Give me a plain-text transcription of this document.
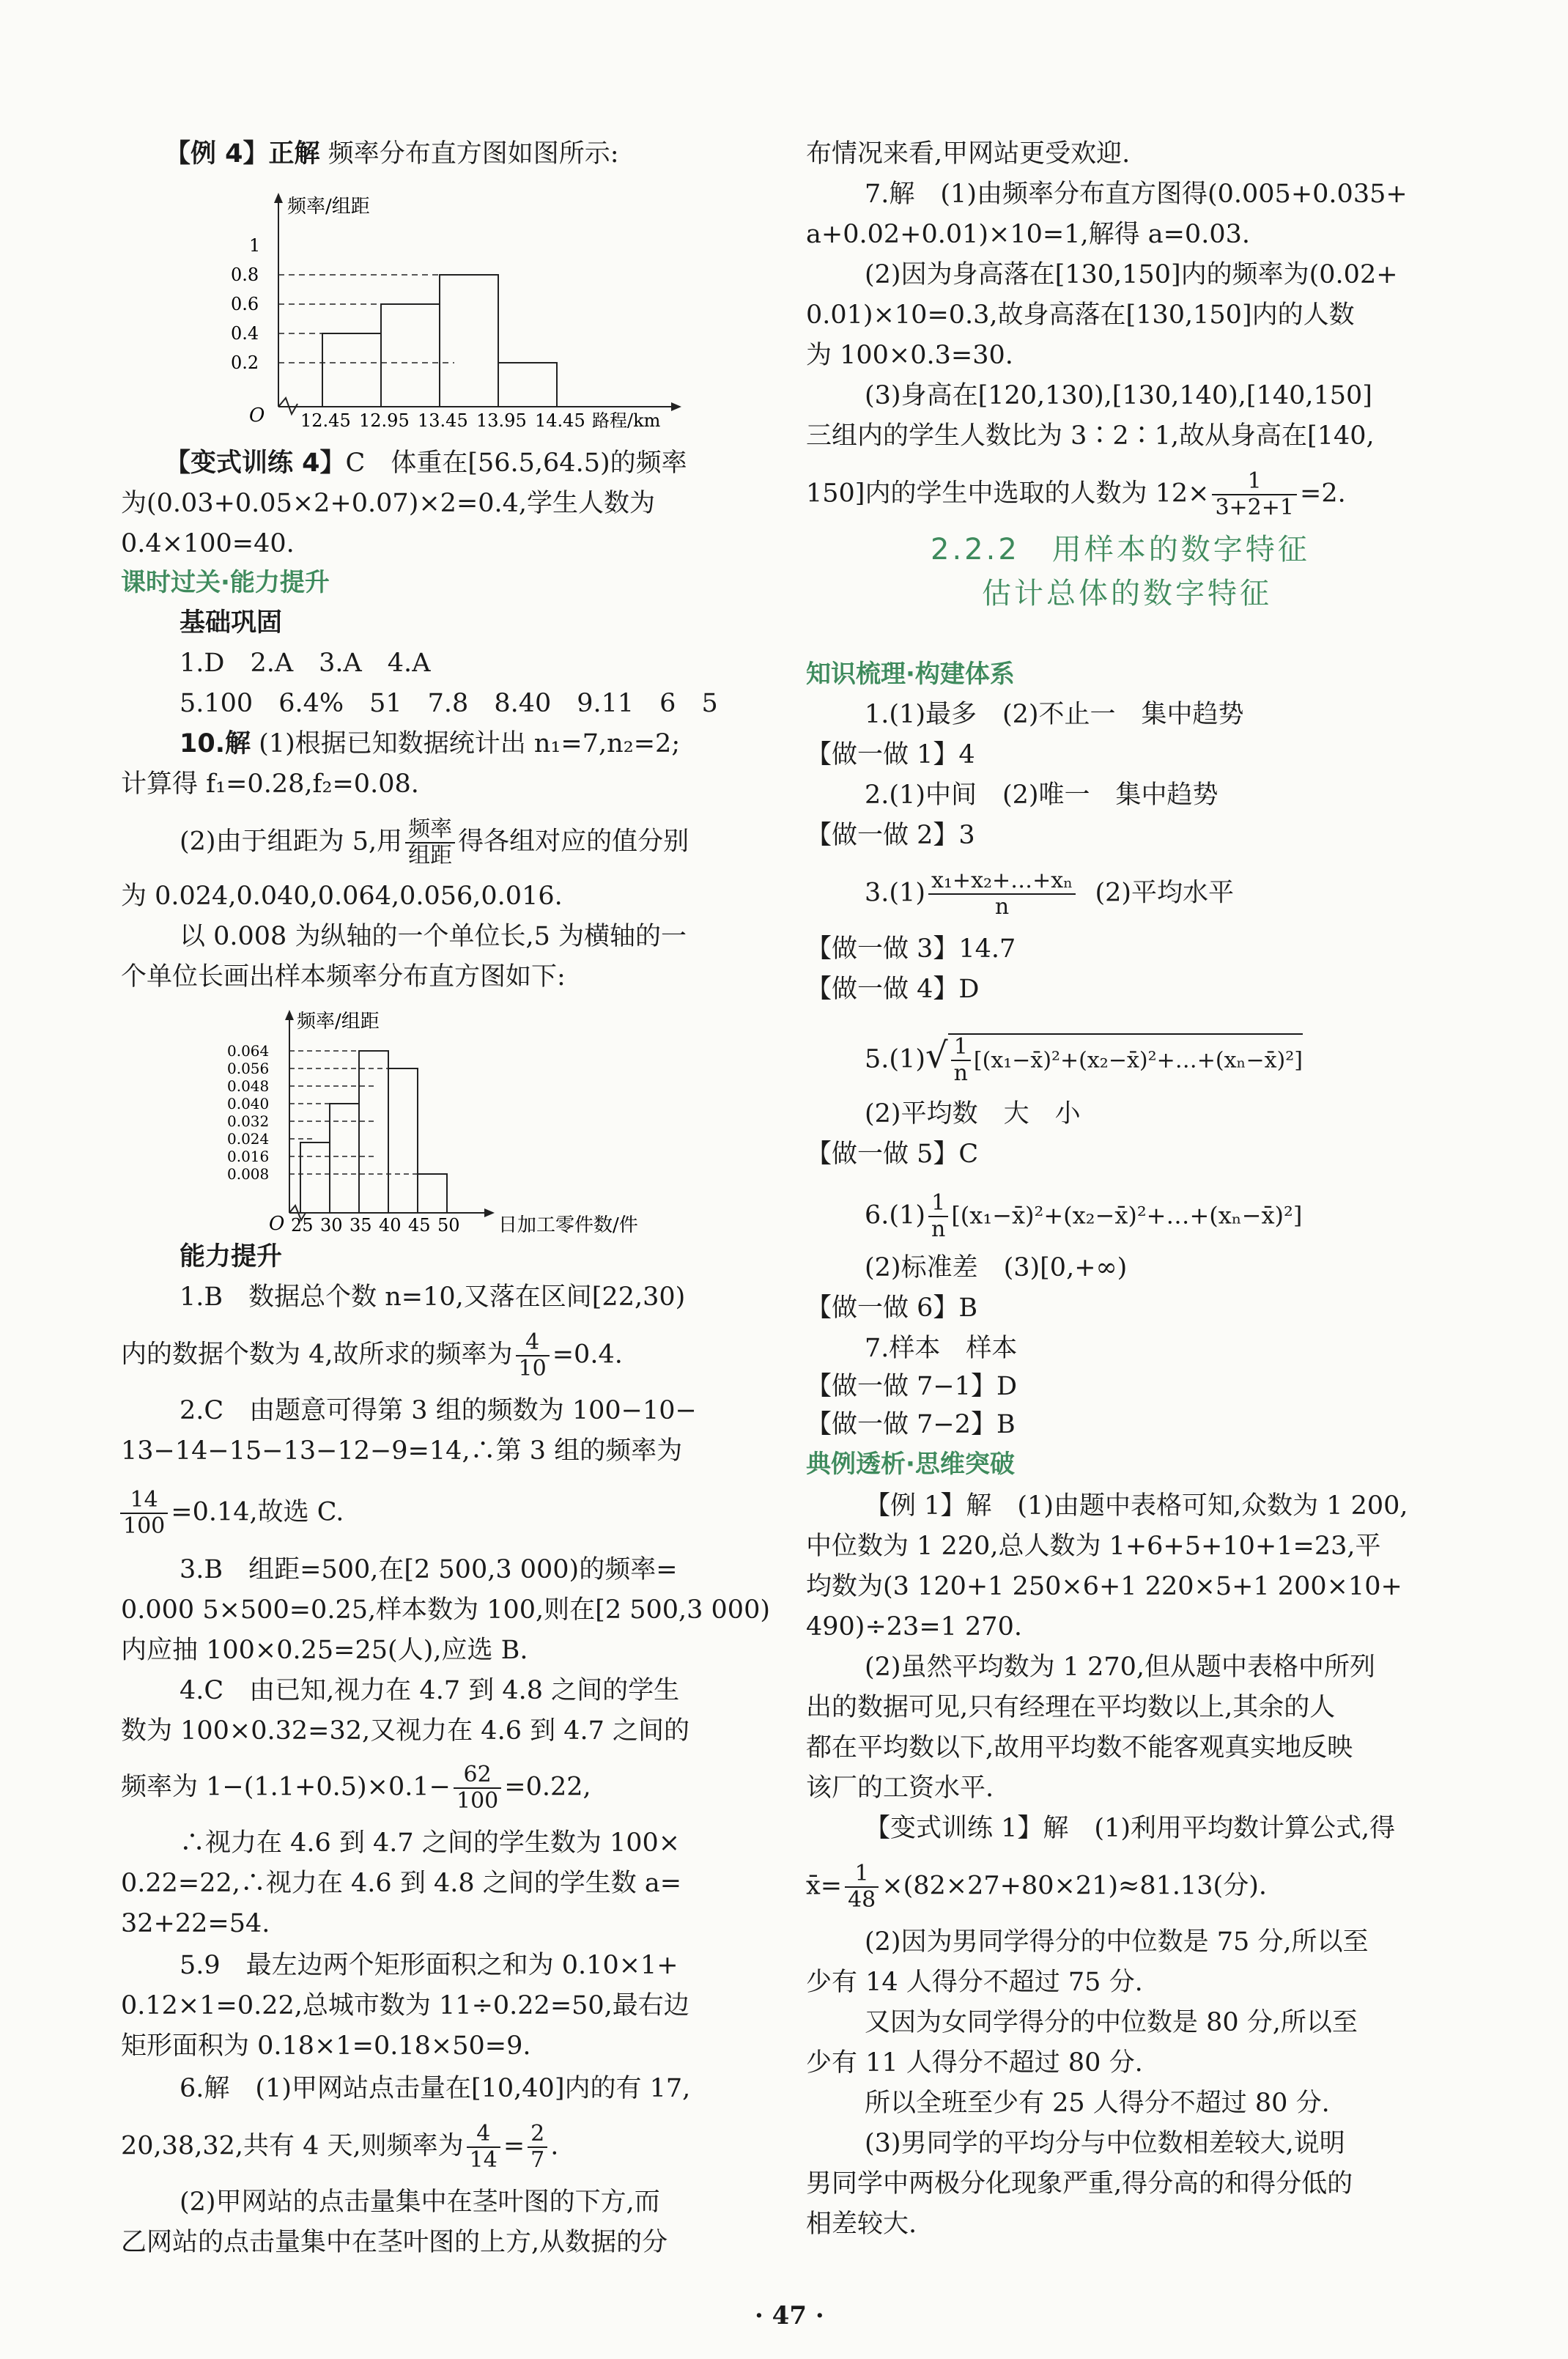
【例 4】正解 频率分布直方图如图所示:
频率/组距
O
1
0.8
0.6
0.4
0.2
12.45 12.95 13.45 13.95 14.45 路程/km
【变式训练 4】C　体重在[56.5,64.5)的频率
为(0.03+0.05×2+0.07)×2=0.4,学生人数为
0.4×100=40.
课时过关·能力提升
基础巩固
1.D　2.A　3.A　4.A
5.100　6.4%　51　7.8　8.40　9.11　6　5
10.解 (1)根据已知数据统计出 n₁=7,n₂=2;
计算得 f₁=0.28,f₂=0.08.
(2)由于组距为 5,用 $\frac{\text{频率}}{\text{组距}}$ 得各组对应的值分别
为 0.024,0.040,0.064,0.056,0.016.
以 0.008 为纵轴的一个单位长,5 为横轴的一
个单位长画出样本频率分布直方图如下:
频率/组距
O
0.064
0.056
0.048
0.040
0.032
0.024
0.016
0.008
25 30 35 40 45 50 日加工零件数/件
能力提升
1.B　数据总个数 n=10,又落在区间[22,30)
内的数据个数为 4,故所求的频率为 $\frac{4}{10} =0.4$.
2.C　由题意可得第 3 组的频数为 100−10−
13−14−15−13−12−9=14,∴第 3 组的频率为
$\frac{14}{100} =0.14$,故选 C.
3.B　组距=500,在[2 500,3 000)的频率=
0.000 5×500=0.25,样本数为 100,则在[2 500,3 000)
内应抽 100×0.25=25(人),应选 B.
4.C　由已知,视力在 4.7 到 4.8 之间的学生
数为 100×0.32=32,又视力在 4.6 到 4.7 之间的
频率为 $1-(1.1+0.5)\times 0.1- \frac{62}{100} =0.22$,
∴视力在 4.6 到 4.7 之间的学生数为 100×
0.22=22,∴视力在 4.6 到 4.8 之间的学生数 a=
32+22=54.
5.9　最左边两个矩形面积之和为 0.10×1+
0.12×1=0.22,总城市数为 11÷0.22=50,最右边
矩形面积为 0.18×1=0.18×50=9.
6.解　(1)甲网站点击量在[10,40]内的有 17,
20,38,32,共有 4 天,则频率为 $\frac{4}{14} = \frac{2}{7}$ .
(2)甲网站的点击量集中在茎叶图的下方,而
乙网站的点击量集中在茎叶图的上方,从数据的分
布情况来看,甲网站更受欢迎.
7.解　(1)由频率分布直方图得(0.005+0.035+
a+0.02+0.01)×10=1,解得 a=0.03.
(2)因为身高落在[130,150]内的频率为(0.02+
0.01)×10=0.3,故身高落在[130,150]内的人数
为 100×0.3=30.
(3)身高在[120,130),[130,140),[140,150]
三组内的学生人数比为 3∶2∶1,故从身高在[140,
150]内的学生中选取的人数为 $12\times \frac{1}{3+2+1} =2$.
2.2.2　用样本的数字特征
估计总体的数字特征
知识梳理·构建体系
1.(1)最多　(2)不止一　集中趋势
【做一做 1】4
2.(1)中间　(2)唯一　集中趋势
【做一做 2】3
$3.(1) \frac{\text{x₁+x₂+…+xₙ}}{n} (2)$平均水平
【做一做 3】14.7
【做一做 4】D
$5.(1)√ \frac{1}{n}$ [(x₁−x̄)²+(x₂−x̄)²+…+(xₙ−x̄)²]
(2)平均数　大　小
【做一做 5】C
$6.(1) \frac{1}{n}$ [(x₁−x̄)²+(x₂−x̄)²+…+(xₙ−x̄)²]
(2)标准差　(3)[0,+∞)
【做一做 6】B
7.样本　样本
【做一做 7−1】D
【做一做 7−2】B
典例透析·思维突破
【例 1】解　(1)由题中表格可知,众数为 1 200,
中位数为 1 220,总人数为 1+6+5+10+1=23,平
均数为(3 120+1 250×6+1 220×5+1 200×10+
490)÷23=1 270.
(2)虽然平均数为 1 270,但从题中表格中所列
出的数据可见,只有经理在平均数以上,其余的人
都在平均数以下,故用平均数不能客观真实地反映
该厂的工资水平.
【变式训练 1】解　(1)利用平均数计算公式,得
x̄= $\frac{1}{48} \times(82\times 27+80\times 21)\approx 81.13$(分).
(2)因为男同学得分的中位数是 75 分,所以至
少有 14 人得分不超过 75 分.
又因为女同学得分的中位数是 80 分,所以至
少有 11 人得分不超过 80 分.
所以全班至少有 25 人得分不超过 80 分.
(3)男同学的平均分与中位数相差较大,说明
男同学中两极分化现象严重,得分高的和得分低的
相差较大.
· 47 ·
